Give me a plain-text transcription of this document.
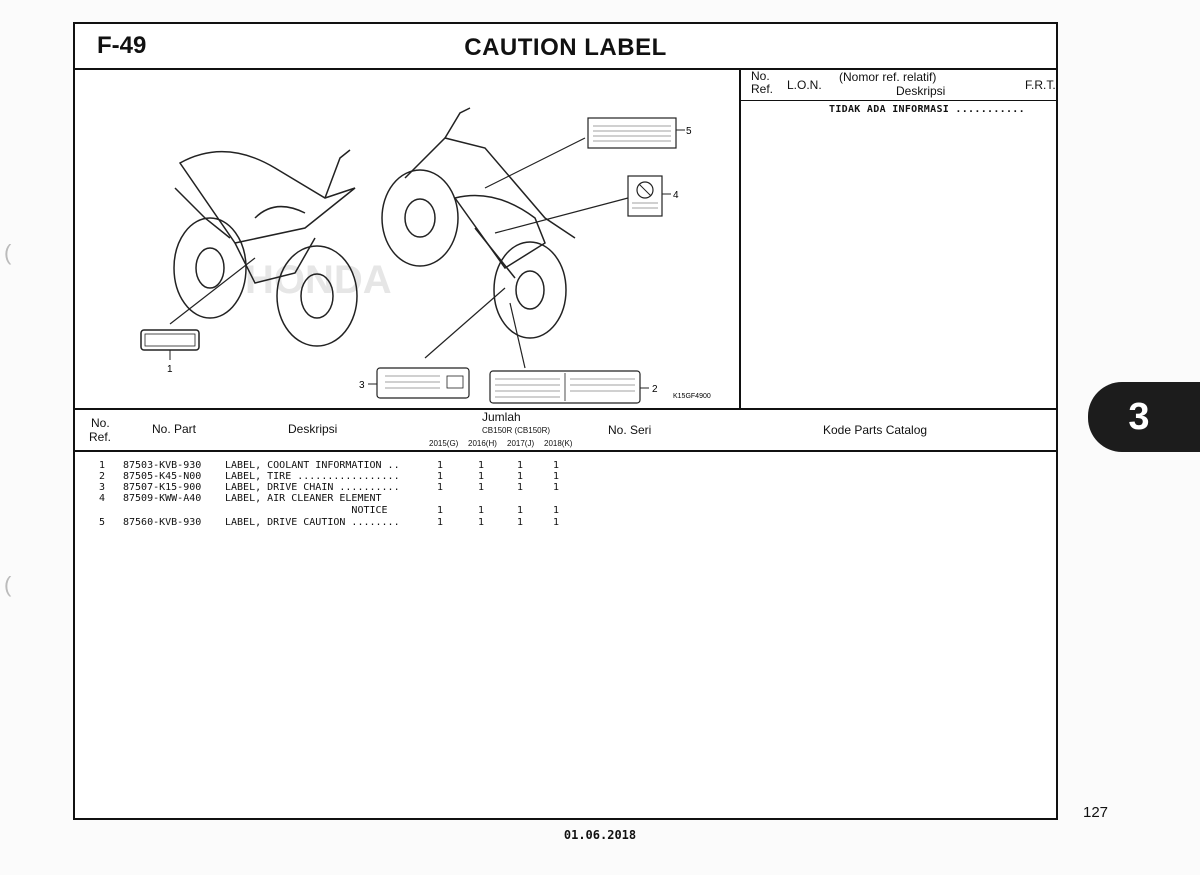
(
(
F-49	CAUTION LABEL
HONDA
1
2
3
4
5
K15GF4900
No.
Ref. L.O.N.
(Nomor ref. relatif)
Deskripsi	F.R.T.
TIDAK ADA INFORMASI ...........
No.
Ref.
No. Part	Deskripsi
Jumlah
CB150R (CB150R)
2015(G) 2016(H) 2017(J) 2018(K)
No. Seri	Kode Parts Catalog
1 87503-KVB-930 LABEL, COOLANT INFORMATION ..	1	1	1	1
2 87505-K45-N00 LABEL, TIRE .................	1	1	1	1
3 87507-K15-900 LABEL, DRIVE CHAIN ..........	1	1	1	1
4 87509-KWW-A40 LABEL, AIR CLEANER ELEMENT
NOTICE	1	1	1	1
5 87560-KVB-930 LABEL, DRIVE CAUTION ........	1	1	1	1
3
127
01.06.2018
